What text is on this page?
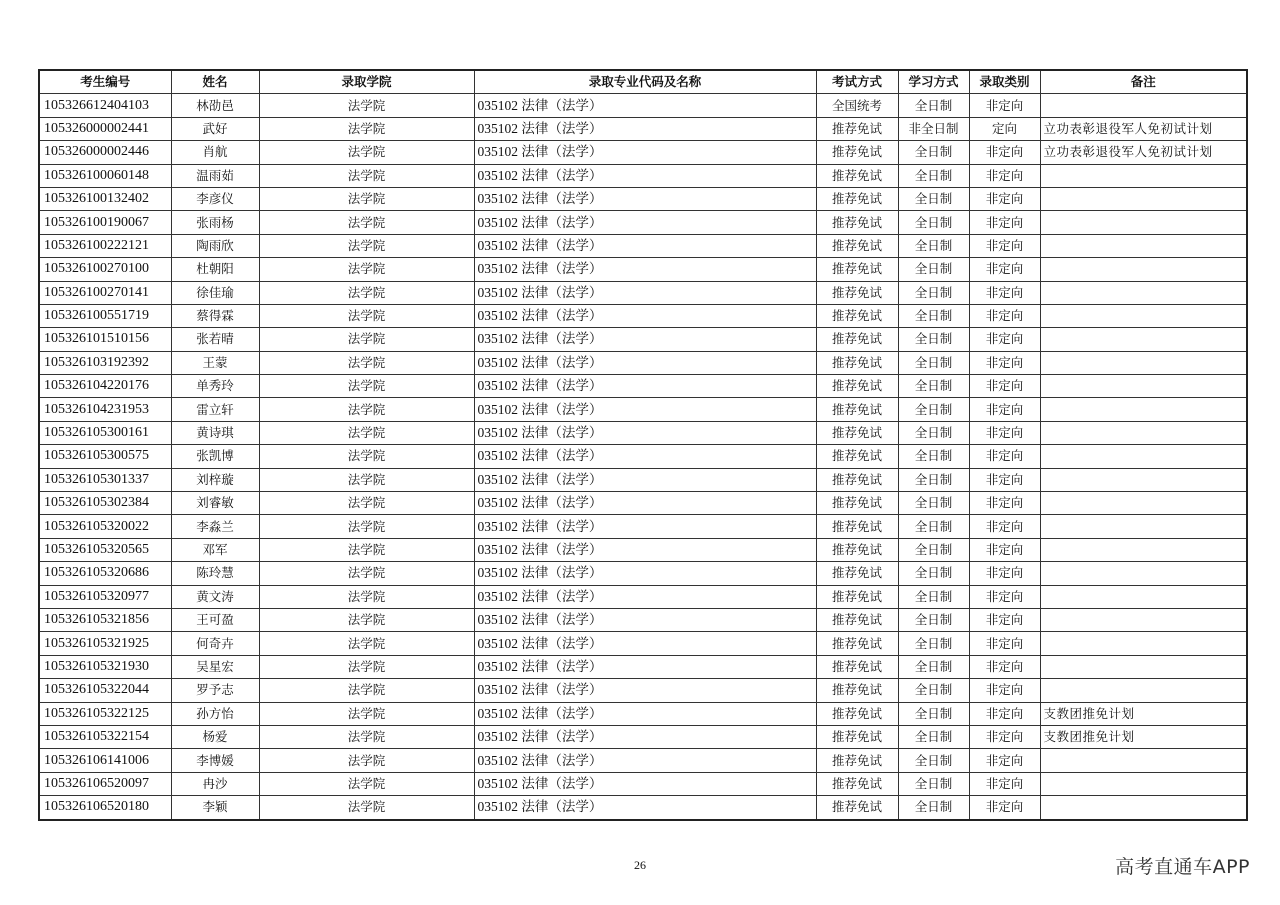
考生编号	姓名	录取学院	录取专业代码及名称	考试方式	学习方式	录取类别	备注
105326612404103	林劭邑	法学院	035102 法律（法学）	全国统考	全日制	非定向	
105326000002441	武好	法学院	035102 法律（法学）	推荐免试	非全日制	定向	立功表彰退役军人免初试计划
105326000002446	肖航	法学院	035102 法律（法学）	推荐免试	全日制	非定向	立功表彰退役军人免初试计划
105326100060148	温雨茹	法学院	035102 法律（法学）	推荐免试	全日制	非定向	
105326100132402	李彦仪	法学院	035102 法律（法学）	推荐免试	全日制	非定向	
105326100190067	张雨杨	法学院	035102 法律（法学）	推荐免试	全日制	非定向	
105326100222121	陶雨欣	法学院	035102 法律（法学）	推荐免试	全日制	非定向	
105326100270100	杜朝阳	法学院	035102 法律（法学）	推荐免试	全日制	非定向	
105326100270141	徐佳瑜	法学院	035102 法律（法学）	推荐免试	全日制	非定向	
105326100551719	蔡得霖	法学院	035102 法律（法学）	推荐免试	全日制	非定向	
105326101510156	张若晴	法学院	035102 法律（法学）	推荐免试	全日制	非定向	
105326103192392	王蒙	法学院	035102 法律（法学）	推荐免试	全日制	非定向	
105326104220176	单秀玲	法学院	035102 法律（法学）	推荐免试	全日制	非定向	
105326104231953	雷立轩	法学院	035102 法律（法学）	推荐免试	全日制	非定向	
105326105300161	黄诗琪	法学院	035102 法律（法学）	推荐免试	全日制	非定向	
105326105300575	张凯博	法学院	035102 法律（法学）	推荐免试	全日制	非定向	
105326105301337	刘梓璇	法学院	035102 法律（法学）	推荐免试	全日制	非定向	
105326105302384	刘睿敏	法学院	035102 法律（法学）	推荐免试	全日制	非定向	
105326105320022	李淼兰	法学院	035102 法律（法学）	推荐免试	全日制	非定向	
105326105320565	邓军	法学院	035102 法律（法学）	推荐免试	全日制	非定向	
105326105320686	陈玲慧	法学院	035102 法律（法学）	推荐免试	全日制	非定向	
105326105320977	黄文涛	法学院	035102 法律（法学）	推荐免试	全日制	非定向	
105326105321856	王可盈	法学院	035102 法律（法学）	推荐免试	全日制	非定向	
105326105321925	何奇卉	法学院	035102 法律（法学）	推荐免试	全日制	非定向	
105326105321930	吴星宏	法学院	035102 法律（法学）	推荐免试	全日制	非定向	
105326105322044	罗予志	法学院	035102 法律（法学）	推荐免试	全日制	非定向	
105326105322125	孙方怡	法学院	035102 法律（法学）	推荐免试	全日制	非定向	支教团推免计划
105326105322154	杨爱	法学院	035102 法律（法学）	推荐免试	全日制	非定向	支教团推免计划
105326106141006	李博媛	法学院	035102 法律（法学）	推荐免试	全日制	非定向	
105326106520097	冉沙	法学院	035102 法律（法学）	推荐免试	全日制	非定向	
105326106520180	李颖	法学院	035102 法律（法学）	推荐免试	全日制	非定向	
26	高考直通车APP
